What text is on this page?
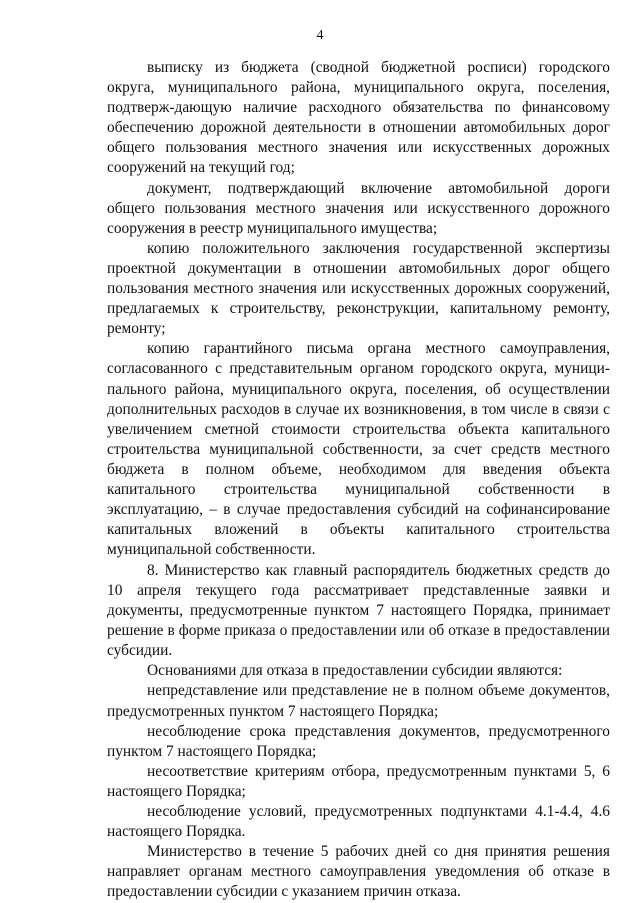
4

выписку из бюджета (сводной бюджетной росписи) городского округа, муниципального района, муниципального округа, поселения, подтверж-дающую наличие расходного обязательства по финансовому обеспечению дорожной деятельности в отношении автомобильных дорог общего пользования местного значения или искусственных дорожных сооружений на текущий год;

документ, подтверждающий включение автомобильной дороги общего пользования местного значения или искусственного дорожного сооружения в реестр муниципального имущества;

копию положительного заключения государственной экспертизы проектной документации в отношении автомобильных дорог общего пользования местного значения или искусственных дорожных сооружений, предлагаемых к строительству, реконструкции, капитальному ремонту, ремонту;

копию гарантийного письма органа местного самоуправления, согласованного с представительным органом городского округа, муници-пального района, муниципального округа, поселения, об осуществлении дополнительных расходов в случае их возникновения, в том числе в связи с увеличением сметной стоимости строительства объекта капитального строительства муниципальной собственности, за счет средств местного бюджета в полном объеме, необходимом для введения объекта капитального строительства муниципальной собственности в эксплуатацию, – в случае предоставления субсидий на софинансирование капитальных вложений в объекты капитального строительства муниципальной собственности.

8. Министерство как главный распорядитель бюджетных средств до 10 апреля текущего года рассматривает представленные заявки и документы, предусмотренные пунктом 7 настоящего Порядка, принимает решение в форме приказа о предоставлении или об отказе в предоставлении субсидии.

Основаниями для отказа в предоставлении субсидии являются:

непредставление или представление не в полном объеме документов, предусмотренных пунктом 7 настоящего Порядка;

несоблюдение срока представления документов, предусмотренного пунктом 7 настоящего Порядка;

несоответствие критериям отбора, предусмотренным пунктами 5, 6 настоящего Порядка;

несоблюдение условий, предусмотренных подпунктами 4.1-4.4, 4.6 настоящего Порядка.

Министерство в течение 5 рабочих дней со дня принятия решения направляет органам местного самоуправления уведомления об отказе в предоставлении субсидии с указанием причин отказа.
